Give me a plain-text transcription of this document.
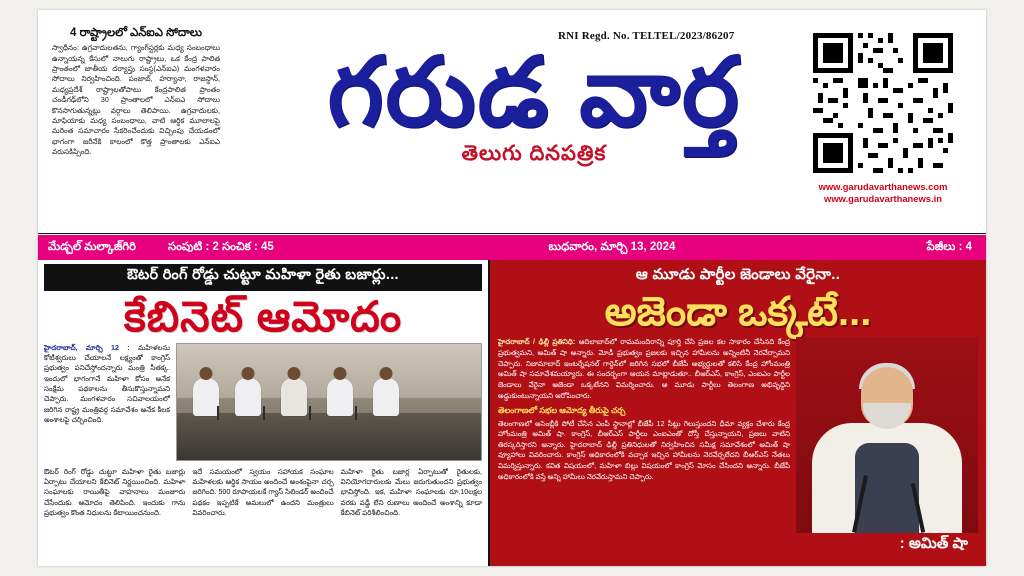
4 రాష్ట్రాలలో ఎన్‌ఐఎ సోదాలు
స్వాధీనం: ఉగ్రవాదులతను, గ్యాంగ్‌స్టర్లకు మధ్య సంబంధాలు ఉన్నాయన్న కేసులో నాలుగు రాష్ట్రాలు, ఒక కేంద్ర పాలిత ప్రాంతంలో జాతీయ దర్యాప్తు సంస్థ(ఎన్‌ఐఎ) మంగళవారం సోదాలు నిర్వహించింది. పంజాబ్, హర్యానా, రాజస్థాన్, మధ్యప్రదేశ్ రాష్ట్రాలతోపాటు కేంద్రపాలిత ప్రాంతం చండీగఢ్‌లోని 30 ప్రాంతాలలో ఎన్‌ఐఎ సోదాలు కొనసాగుతున్నట్లు వర్గాలు తెలిపాయి. ఉగ్రవాదులకు, మాఫియాకు మధ్య సంబంధాలు, వాటి ఆర్థిక మూలాలపై మరింత సమాచారం సేకరించేందుకు విచ్చింపు చేయడంలో భాగంగా జరీనేకి కాలంలో కొత్త ప్రాంతాలకు ఎన్‌ఐఎ వరుసకిప్పింది.
RNI Regd. No. TELTEL/2023/86207
గరుడ వార్త
తెలుగు దినపత్రిక
www.garudavarthanews.com
www.garudavarthanews.in
మేడ్చల్ మల్కాజ్‌గిరి	సంపుటి : 2 సంచిక : 45	బుధవారం, మార్చి 13, 2024	పేజీలు : 4
ఔటర్ రింగ్ రోడ్డు చుట్టూ మహిళా రైతు బజార్లు...
కేబినెట్ ఆమోదం
హైదరాబాద్, మార్చి 12 : మహిళలను కోటీశ్వరులు చేయాలనే లక్ష్యంతో కాంగ్రెస్ ప్రభుత్వం పనిచేస్తోందన్నారు మంత్రి సీతక్క. ఇందులో భాగంగానే మహిళా కోసం అనేక సంక్షేమ పథకాలను తీసుకొస్తున్నామని చెప్పారు. మంగళవారం సచివాలయంలో జరిగిన రాష్ట్ర మంత్రివర్గ సమావేశం అనేక కీలక అంశాలపై చర్చించింది.
ఔటర్ రింగ్ రోడ్డు చుట్టూ మహిళా రైతు బజార్లు ఏర్పాటు చేయాలని కేబినెట్ నిర్ణయించింది. మహిళా సంఘాలకు రాయితీపై వాహనాలు మంజూరు చేసేందుకు ఆమోదం తెలిపింది. ఇందుకు గాను ప్రభుత్వం కొంత నిధులను కేటాయించనుంది.
ఇదే సమయంలో స్వయం సహాయక సంఘాల మహిళలకు ఆర్థిక సాయం అందించే అంశంపైనా చర్చ జరిగింది. 500 రూపాయలకే గ్యాస్ సిలిండర్ అందించే పథకం ఇప్పటికే అమలులో ఉందని మంత్రులు వివరించారు.
మహిళా రైతు బజార్ల ఏర్పాటుతో రైతులకు, వినియోగదారులకు మేలు జరుగుతుందని ప్రభుత్వం భావిస్తోంది. ఇక, మహిళా సంఘాలకు రూ.10లక్షల వరకు వడ్డీ లేని రుణాలు అందించే అంశాన్ని కూడా కేబినెట్ పరిశీలించింది.
ఆ మూడు పార్టీల జెండాలు వేరైనా..
అజెండా ఒక్కటే...
హైదరాబాద్ / ఢిల్లీ ప్రతినిధి: ఆదిలాబాద్‌లో రామమందిరాన్ని పూర్తి చేసి ప్రజల కల సాకారం చేసినది కేంద్ర ప్రభుత్వమని, అమిత్ షా అన్నారు. మోడీ ప్రభుత్వం ప్రజలకు ఇచ్చిన హామీలను అన్నింటినీ నెరవేర్చామని చెప్పారు. నిజామాబాద్ ఇంటర్నేషనల్ గార్డెన్‌లో జరిగిన సభలో బీజేపీ అభ్యర్థులతో కలిసి కేంద్ర హోంమంత్రి అమిత్ షా సమావేశమయ్యారు. ఈ సందర్భంగా ఆయన మాట్లాడుతూ.. బీఆర్ఎస్, కాంగ్రెస్, ఎంఐఎం పార్టీల జెండాలు వేరైనా అజెండా ఒక్కటేనని విమర్శించారు. ఆ మూడు పార్టీలు తెలంగాణ అభివృద్ధిని అడ్డుకుంటున్నాయని ఆరోపించారు.
తెలంగాణలో సభల ఆమోద్య తీరుపై చర్చ
తెలంగాణలో అసెంబ్లీకి పోటీ చేసిన ఎంపీ స్థానాల్లో బీజేపీ 12 సీట్లు గెలుస్తుందని ధీమా వ్యక్తం చేశారు కేంద్ర హోంమంత్రి అమిత్ షా. కాంగ్రెస్, బీఆర్ఎస్ పార్టీలు ఎంఐఎంతో దోస్తీ చేస్తున్నాయని, ప్రజలు వాటిని తిరస్కరిస్తారని అన్నారు. హైదరాబాద్ ఢిల్లీ ప్రతినిధులతో నిర్వహించిన సమీక్ష సమావేశంలో అమిత్ షా వ్యూహాలు వివరించారు. కాంగ్రెస్ అధికారంలోకి వచ్చాక ఇచ్చిన హామీలను నెరవేర్చలేదని బీఆర్ఎస్ నేతలు విమర్శిస్తున్నారు. కవిత విషయంలో, మహిళా బిల్లు విషయంలో కాంగ్రెస్ మోసం చేసిందని అన్నారు. బీజేపీ అధికారంలోకి వస్తే అన్ని హామీలు నెరవేరుస్తామని చెప్పారు.
: అమిత్ షా
